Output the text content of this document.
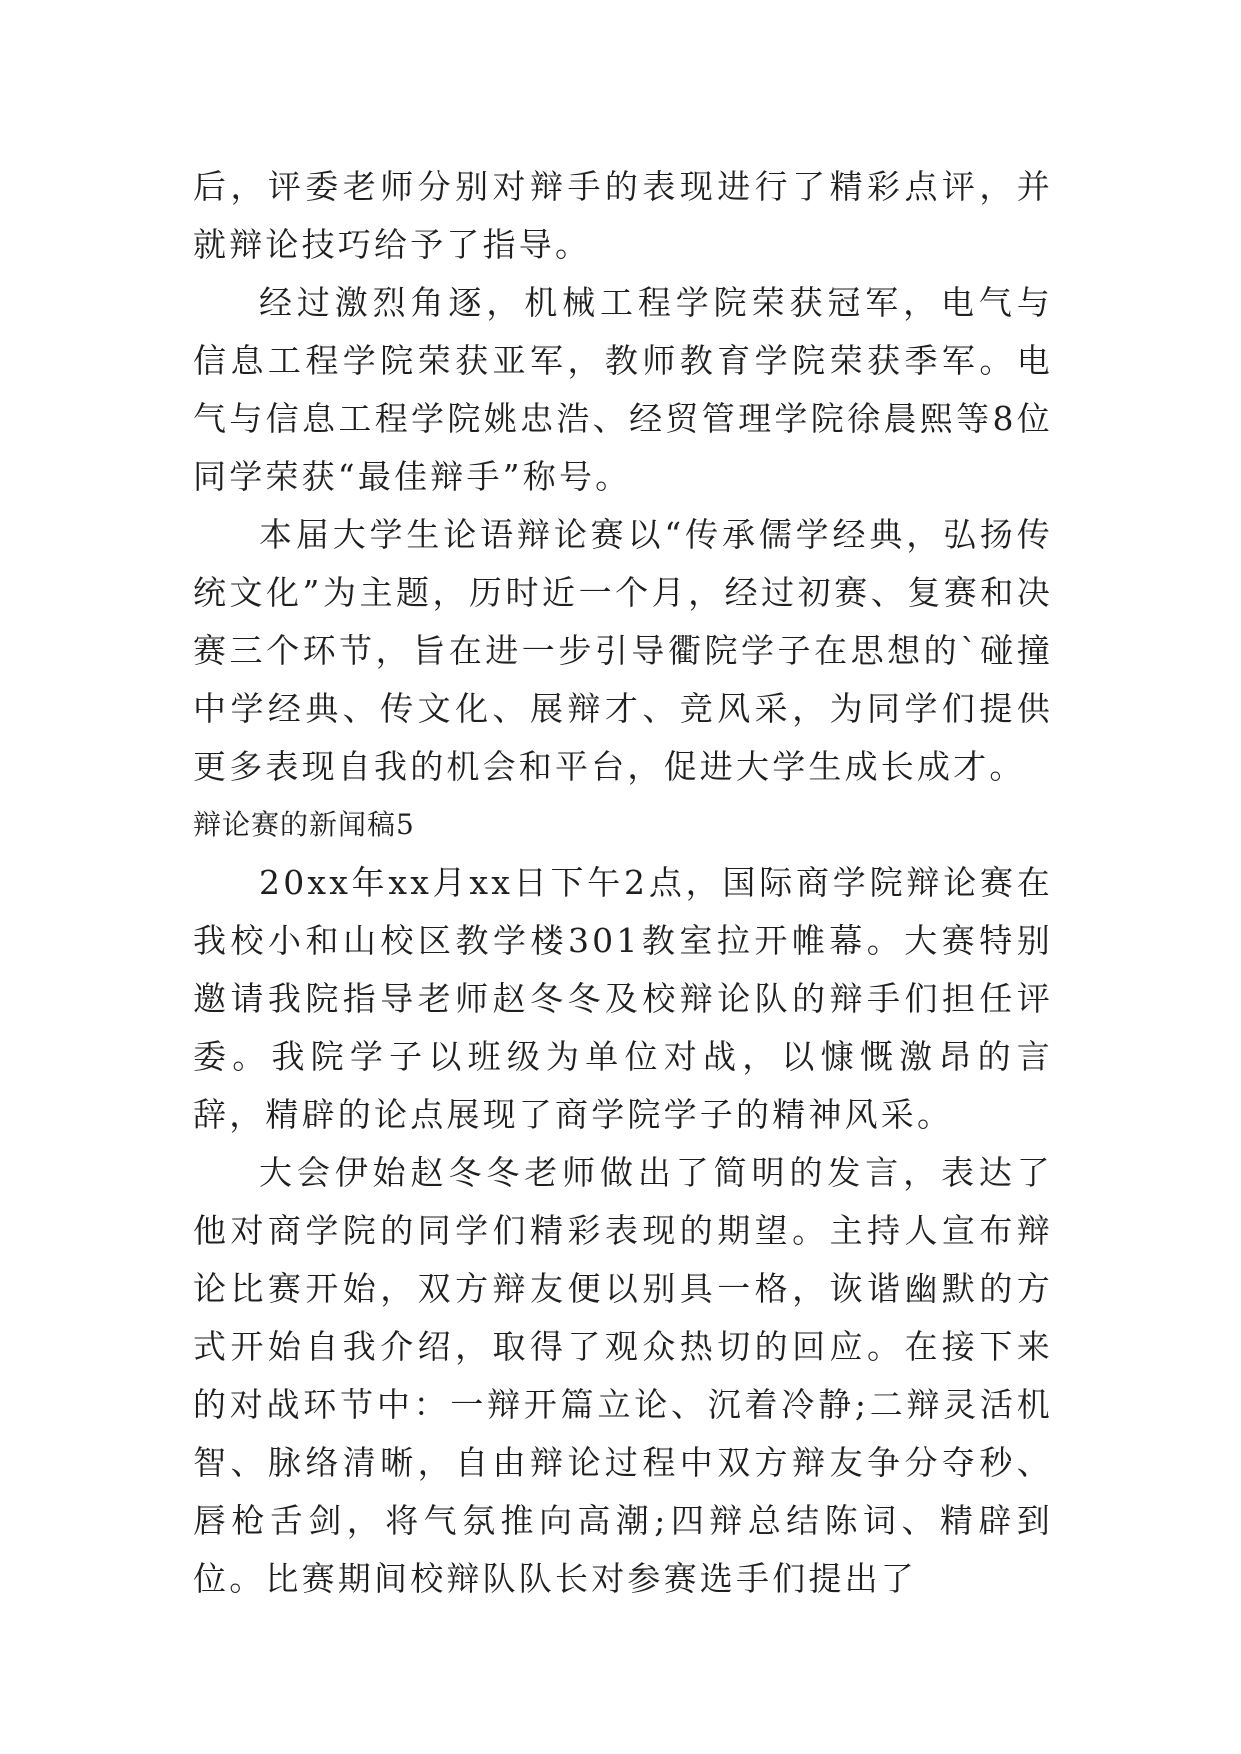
后，评委老师分别对辩手的表现进行了精彩点评，并就辩论技巧给予了指导。

经过激烈角逐，机械工程学院荣获冠军，电气与信息工程学院荣获亚军，教师教育学院荣获季军。电气与信息工程学院姚忠浩、经贸管理学院徐晨熙等8位同学荣获“最佳辩手”称号。

本届大学生论语辩论赛以“传承儒学经典，弘扬传统文化”为主题，历时近一个月，经过初赛、复赛和决赛三个环节，旨在进一步引导衢院学子在思想的`碰撞中学经典、传文化、展辩才、竞风采，为同学们提供更多表现自我的机会和平台，促进大学生成长成才。

辩论赛的新闻稿5

20xx年xx月xx日下午2点，国际商学院辩论赛在我校小和山校区教学楼301教室拉开帷幕。大赛特别邀请我院指导老师赵冬冬及校辩论队的辩手们担任评委。我院学子以班级为单位对战，以慷慨激昂的言辞，精辟的论点展现了商学院学子的精神风采。

大会伊始赵冬冬老师做出了简明的发言，表达了他对商学院的同学们精彩表现的期望。主持人宣布辩论比赛开始，双方辩友便以别具一格，诙谐幽默的方式开始自我介绍，取得了观众热切的回应。在接下来的对战环节中：一辩开篇立论、沉着冷静;二辩灵活机智、脉络清晰，自由辩论过程中双方辩友争分夺秒、唇枪舌剑，将气氛推向高潮;四辩总结陈词、精辟到位。比赛期间校辩队队长对参赛选手们提出了
